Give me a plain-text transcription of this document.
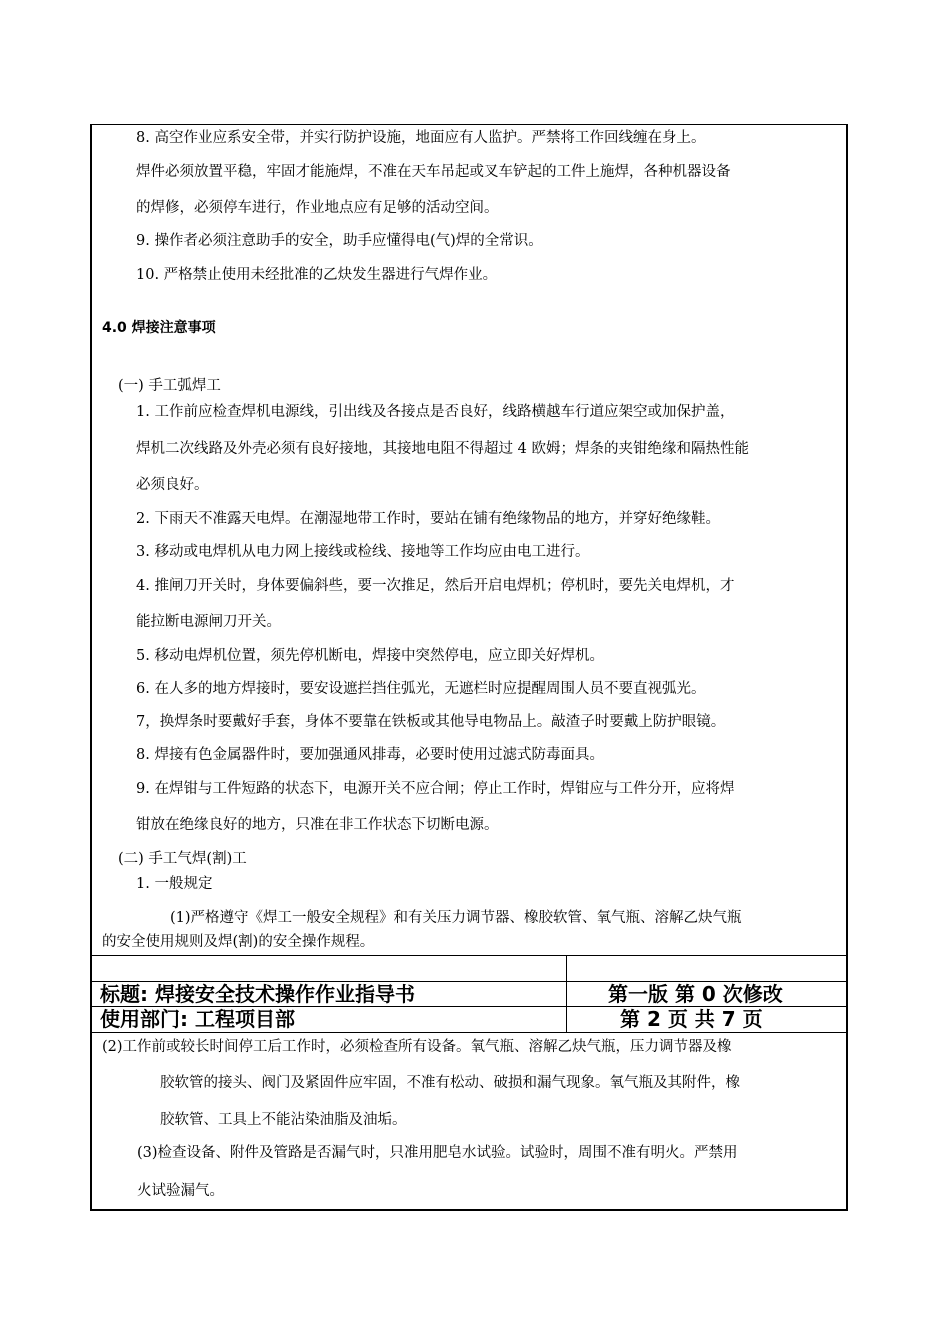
8. 高空作业应系安全带，并实行防护设施，地面应有人监护。严禁将工作回线缠在身上。
焊件必须放置平稳，牢固才能施焊，不准在天车吊起或叉车铲起的工件上施焊，各种机器设备
的焊修，必须停车进行，作业地点应有足够的活动空间。
9. 操作者必须注意助手的安全，助手应懂得电(气)焊的全常识。
10. 严格禁止使用未经批准的乙炔发生器进行气焊作业。
4.0 焊接注意事项
(一) 手工弧焊工
1. 工作前应检查焊机电源线，引出线及各接点是否良好，线路横越车行道应架空或加保护盖，
焊机二次线路及外壳必须有良好接地，其接地电阻不得超过 4 欧姆；焊条的夹钳绝缘和隔热性能
必须良好。
2. 下雨天不准露天电焊。在潮湿地带工作时，要站在铺有绝缘物品的地方，并穿好绝缘鞋。
3. 移动或电焊机从电力网上接线或检线、接地等工作均应由电工进行。
4. 推闸刀开关时，身体要偏斜些，要一次推足，然后开启电焊机；停机时，要先关电焊机，才
能拉断电源闸刀开关。
5. 移动电焊机位置，须先停机断电，焊接中突然停电，应立即关好焊机。
6. 在人多的地方焊接时，要安设遮拦挡住弧光，无遮栏时应提醒周围人员不要直视弧光。
7，换焊条时要戴好手套，身体不要靠在铁板或其他导电物品上。敲渣子时要戴上防护眼镜。
8. 焊接有色金属器件时，要加强通风排毒，必要时使用过滤式防毒面具。
9. 在焊钳与工件短路的状态下，电源开关不应合闸；停止工作时，焊钳应与工件分开，应将焊
钳放在绝缘良好的地方，只准在非工作状态下切断电源。
(二) 手工气焊(割)工
1. 一般规定
(1)严格遵守《焊工一般安全规程》和有关压力调节器、橡胶软管、氧气瓶、溶解乙炔气瓶
的安全使用规则及焊(割)的安全操作规程。
标题: 焊接安全技术操作作业指导书	第一版 第 0 次修改
使用部门: 工程项目部	第 2 页 共 7 页
(2)工作前或较长时间停工后工作时，必须检查所有设备。氧气瓶、溶解乙炔气瓶，压力调节器及橡
胶软管的接头、阀门及紧固件应牢固，不准有松动、破损和漏气现象。氧气瓶及其附件，橡
胶软管、工具上不能沾染油脂及油垢。
(3)检查设备、附件及管路是否漏气时，只准用肥皂水试验。试验时，周围不准有明火。严禁用
火试验漏气。
